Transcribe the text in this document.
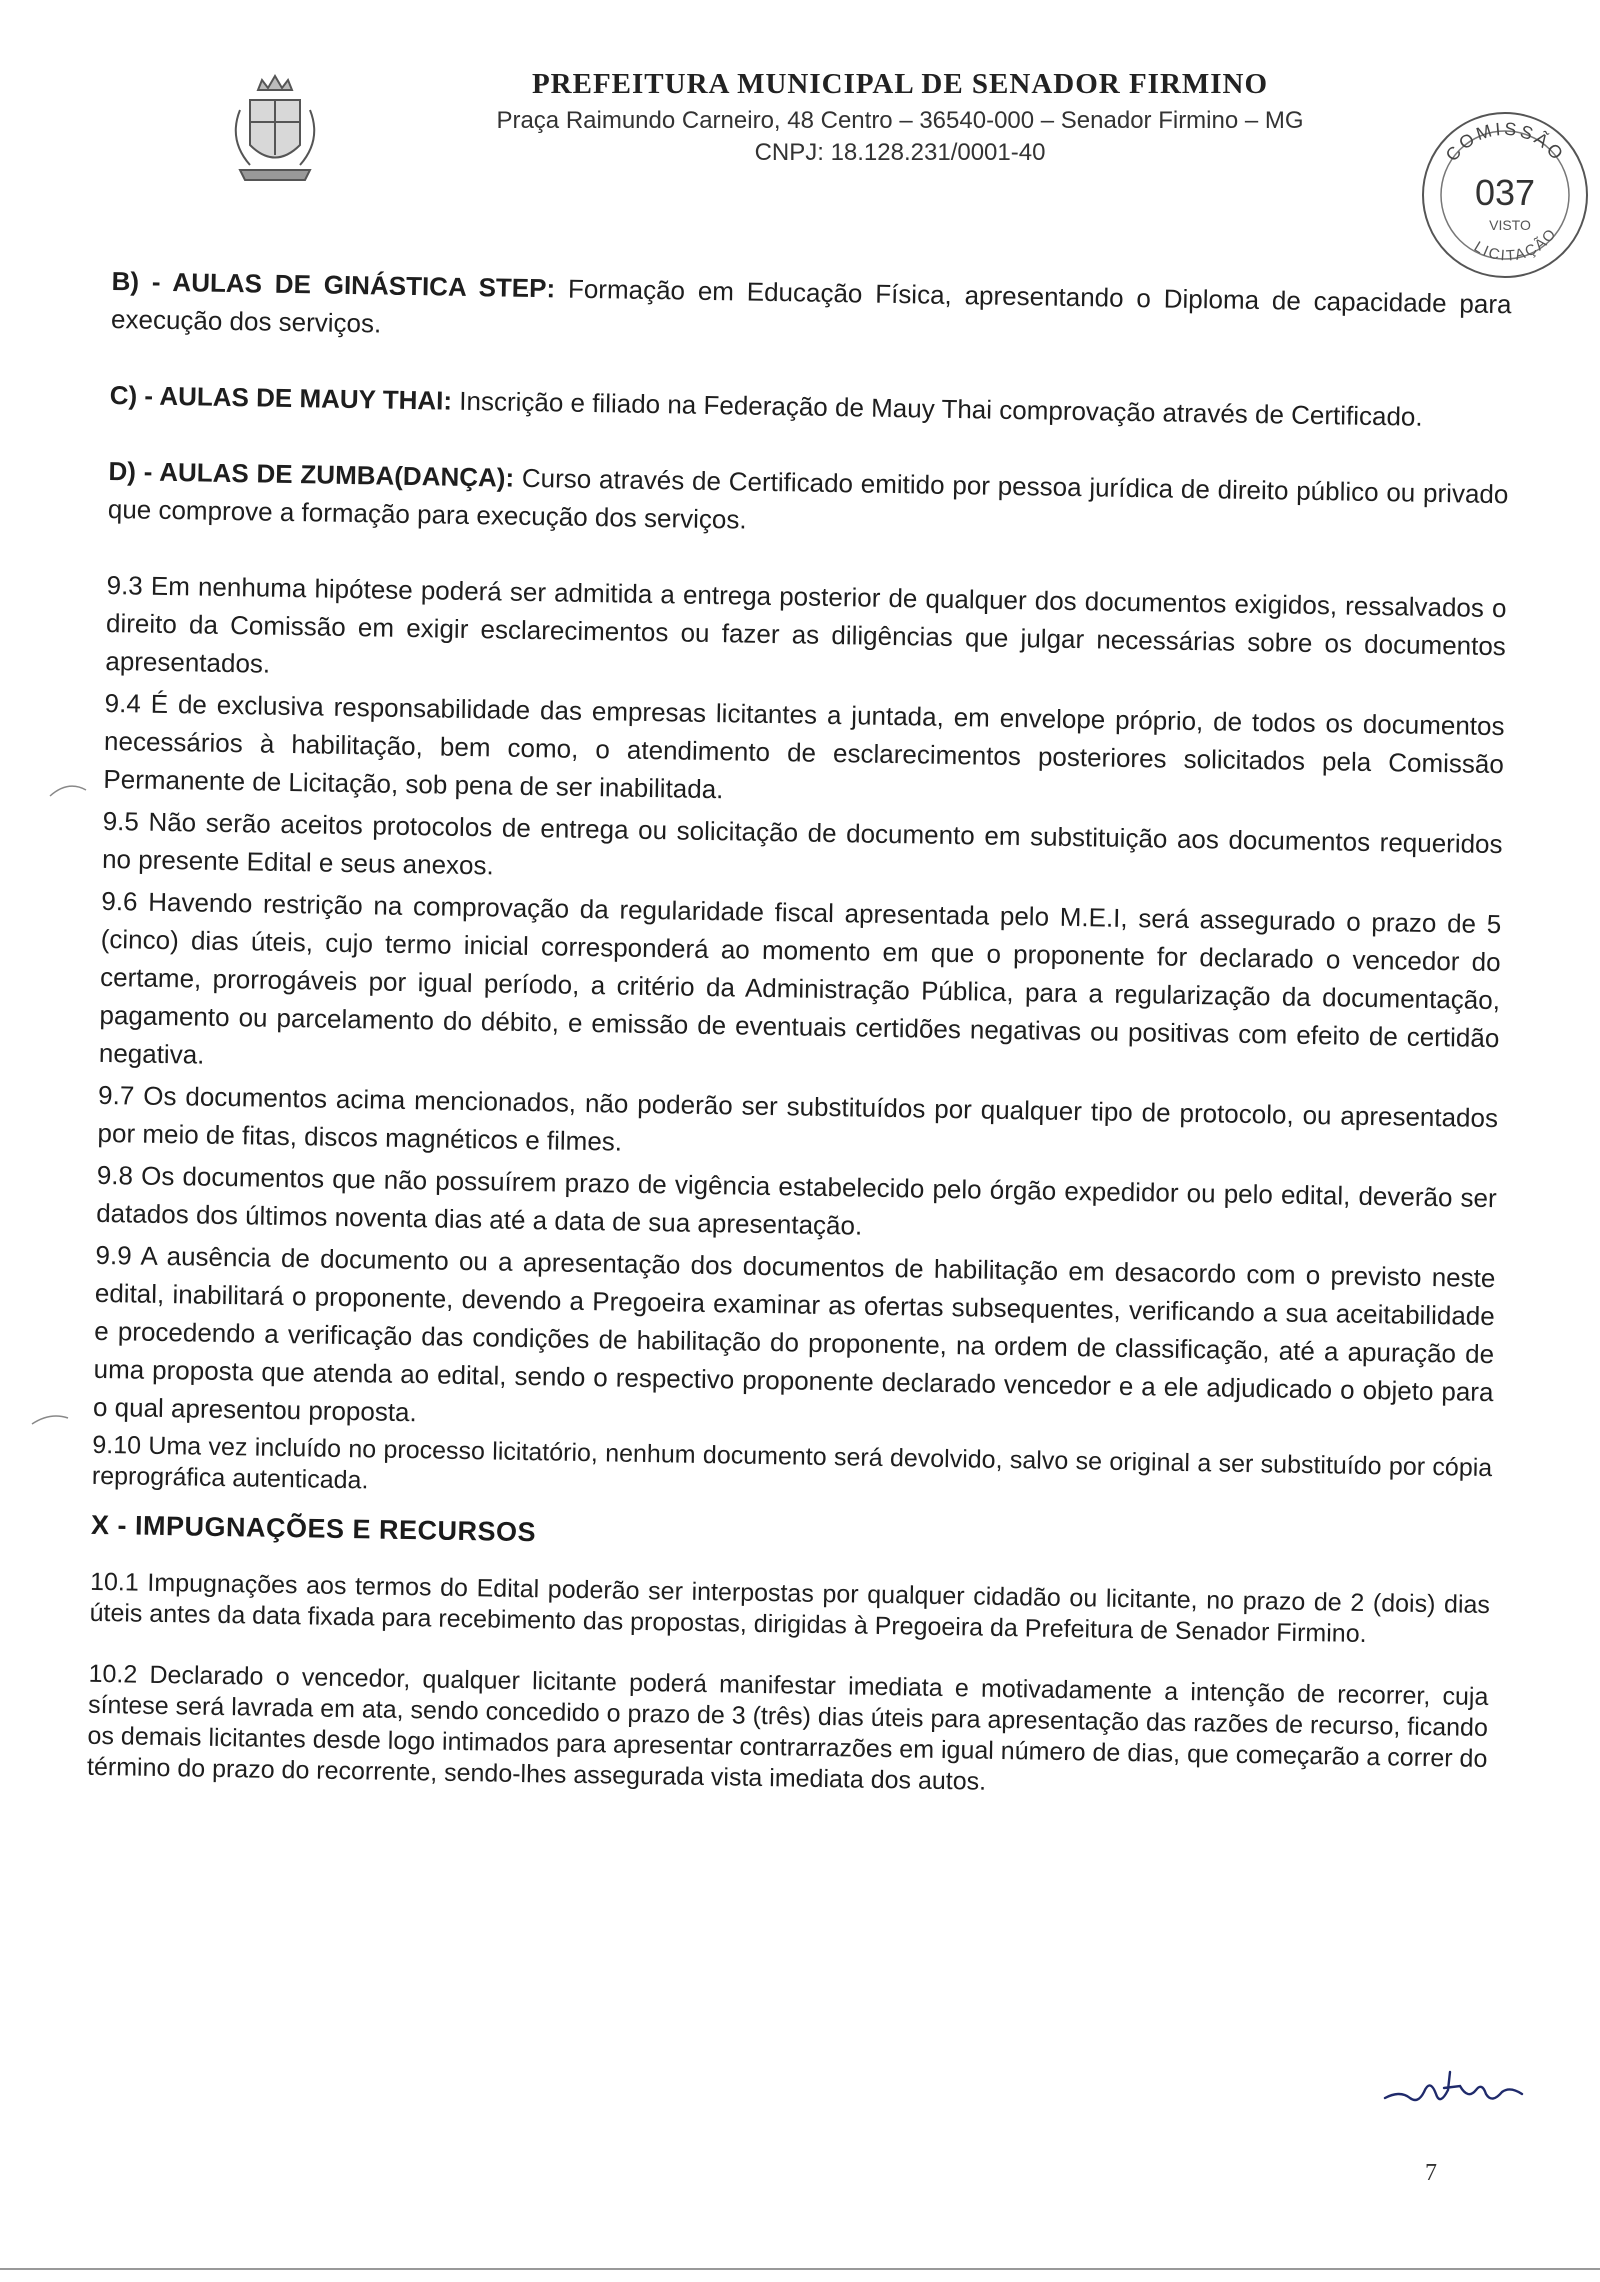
PREFEITURA MUNICIPAL DE SENADOR FIRMINO
Praça Raimundo Carneiro, 48 Centro – 36540-000 – Senador Firmino – MG
CNPJ: 18.128.231/0001-40	COMISSÃO
037
VISTO
LICITAÇÃO

B) - AULAS DE GINÁSTICA STEP: Formação em Educação Física, apresentando o Diploma de capacidade para execução dos serviços.

C) - AULAS DE MAUY THAI: Inscrição e filiado na Federação de Mauy Thai comprovação através de Certificado.

D) - AULAS DE ZUMBA(DANÇA): Curso através de Certificado emitido por pessoa jurídica de direito público ou privado que comprove a formação para execução dos serviços.

9.3 Em nenhuma hipótese poderá ser admitida a entrega posterior de qualquer dos documentos exigidos, ressalvados o direito da Comissão em exigir esclarecimentos ou fazer as diligências que julgar necessárias sobre os documentos apresentados.

9.4 É de exclusiva responsabilidade das empresas licitantes a juntada, em envelope próprio, de todos os documentos necessários à habilitação, bem como, o atendimento de esclarecimentos posteriores solicitados pela Comissão Permanente de Licitação, sob pena de ser inabilitada.

9.5 Não serão aceitos protocolos de entrega ou solicitação de documento em substituição aos documentos requeridos no presente Edital e seus anexos.

9.6 Havendo restrição na comprovação da regularidade fiscal apresentada pelo M.E.I, será assegurado o prazo de 5 (cinco) dias úteis, cujo termo inicial corresponderá ao momento em que o proponente for declarado o vencedor do certame, prorrogáveis por igual período, a critério da Administração Pública, para a regularização da documentação, pagamento ou parcelamento do débito, e emissão de eventuais certidões negativas ou positivas com efeito de certidão negativa.

9.7 Os documentos acima mencionados, não poderão ser substituídos por qualquer tipo de protocolo, ou apresentados por meio de fitas, discos magnéticos e filmes.

9.8 Os documentos que não possuírem prazo de vigência estabelecido pelo órgão expedidor ou pelo edital, deverão ser datados dos últimos noventa dias até a data de sua apresentação.

9.9 A ausência de documento ou a apresentação dos documentos de habilitação em desacordo com o previsto neste edital, inabilitará o proponente, devendo a Pregoeira examinar as ofertas subsequentes, verificando a sua aceitabilidade e procedendo a verificação das condições de habilitação do proponente, na ordem de classificação, até a apuração de uma proposta que atenda ao edital, sendo o respectivo proponente declarado vencedor e a ele adjudicado o objeto para o qual apresentou proposta.

9.10 Uma vez incluído no processo licitatório, nenhum documento será devolvido, salvo se original a ser substituído por cópia reprográfica autenticada.

X - IMPUGNAÇÕES E RECURSOS

10.1 Impugnações aos termos do Edital poderão ser interpostas por qualquer cidadão ou licitante, no prazo de 2 (dois) dias úteis antes da data fixada para recebimento das propostas, dirigidas à Pregoeira da Prefeitura de Senador Firmino.

10.2 Declarado o vencedor, qualquer licitante poderá manifestar imediata e motivadamente a intenção de recorrer, cuja síntese será lavrada em ata, sendo concedido o prazo de 3 (três) dias úteis para apresentação das razões de recurso, ficando os demais licitantes desde logo intimados para apresentar contrarrazões em igual número de dias, que começarão a correr do término do prazo do recorrente, sendo-lhes assegurada vista imediata dos autos.

7
